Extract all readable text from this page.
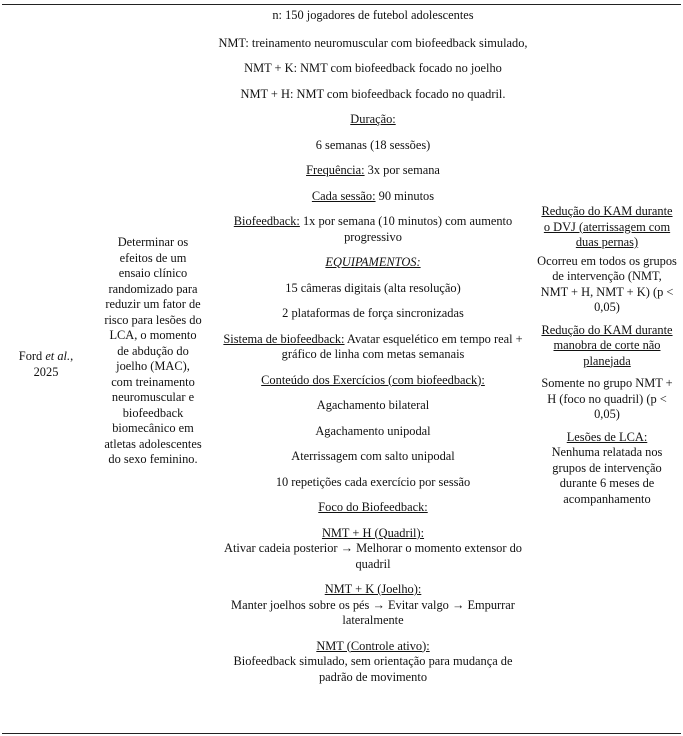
Ford et al.,
2025
Determinar os efeitos de um ensaio clínico randomizado para reduzir um fator de risco para lesões do LCA, o momento de abdução do joelho (MAC), com treinamento neuromuscular e biofeedback biomecânico em atletas adolescentes do sexo feminino.

n: 150 jogadores de futebol adolescentes

NMT: treinamento neuromuscular com biofeedback simulado,

NMT + K: NMT com biofeedback focado no joelho

NMT + H: NMT com biofeedback focado no quadril.

Duração:

6 semanas (18 sessões)

Frequência: 3x por semana

Cada sessão: 90 minutos

Biofeedback: 1x por semana (10 minutos) com aumento progressivo

EQUIPAMENTOS:

15 câmeras digitais (alta resolução)

2 plataformas de força sincronizadas

Sistema de biofeedback: Avatar esquelético em tempo real + gráfico de linha com metas semanais

Conteúdo dos Exercícios (com biofeedback):

Agachamento bilateral

Agachamento unipodal

Aterrissagem com salto unipodal

10 repetições cada exercício por sessão

Foco do Biofeedback:

NMT + H (Quadril):
Ativar cadeia posterior → Melhorar o momento extensor do quadril

NMT + K (Joelho):
Manter joelhos sobre os pés → Evitar valgo → Empurrar lateralmente

NMT (Controle ativo):
Biofeedback simulado, sem orientação para mudança de padrão de movimento

Redução do KAM durante o DVJ (aterrissagem com duas pernas)

Ocorreu em todos os grupos de intervenção (NMT, NMT + H, NMT + K) (p < 0,05)

Redução do KAM durante manobra de corte não planejada

Somente no grupo NMT + H (foco no quadril) (p < 0,05)

Lesões de LCA:
Nenhuma relatada nos grupos de intervenção durante 6 meses de acompanhamento
